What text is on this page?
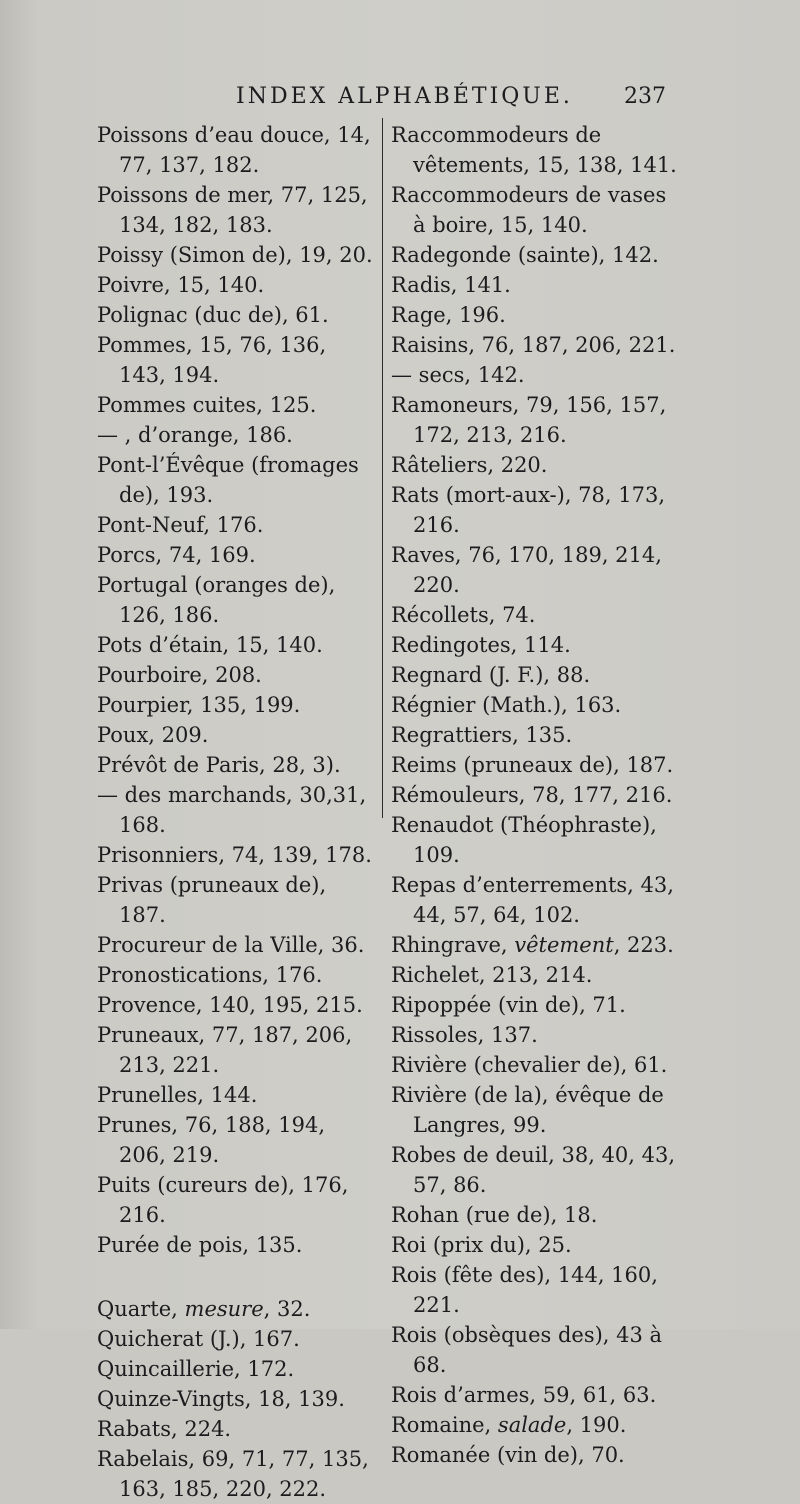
INDEX ALPHABÉTIQUE. 237
Poissons d’eau douce, 14, 77, 137, 182.
Poissons de mer, 77, 125, 134, 182, 183.
Poissy (Simon de), 19, 20.
Poivre, 15, 140.
Polignac (duc de), 61.
Pommes, 15, 76, 136, 143, 194.
Pommes cuites, 125.
— , d’orange, 186.
Pont-l’Évêque (fromages de), 193.
Pont-Neuf, 176.
Porcs, 74, 169.
Portugal (oranges de), 126, 186.
Pots d’étain, 15, 140.
Pourboire, 208.
Pourpier, 135, 199.
Poux, 209.
Prévôt de Paris, 28, 3).
— des marchands, 30,31, 168.
Prisonniers, 74, 139, 178.
Privas (pruneaux de), 187.
Procureur de la Ville, 36.
Pronostications, 176.
Provence, 140, 195, 215.
Pruneaux, 77, 187, 206, 213, 221.
Prunelles, 144.
Prunes, 76, 188, 194, 206, 219.
Puits (cureurs de), 176, 216.
Purée de pois, 135.
Quarte, mesure, 32.
Quicherat (J.), 167.
Quincaillerie, 172.
Quinze-Vingts, 18, 139.
Rabats, 224.
Rabelais, 69, 71, 77, 135, 163, 185, 220, 222.
Raccommodeurs de vêtements, 15, 138, 141.
Raccommodeurs de vases à boire, 15, 140.
Radegonde (sainte), 142.
Radis, 141.
Rage, 196.
Raisins, 76, 187, 206, 221.
— secs, 142.
Ramoneurs, 79, 156, 157, 172, 213, 216.
Râteliers, 220.
Rats (mort-aux-), 78, 173, 216.
Raves, 76, 170, 189, 214, 220.
Récollets, 74.
Redingotes, 114.
Regnard (J. F.), 88.
Régnier (Math.), 163.
Regrattiers, 135.
Reims (pruneaux de), 187.
Rémouleurs, 78, 177, 216.
Renaudot (Théophraste), 109.
Repas d’enterrements, 43, 44, 57, 64, 102.
Rhingrave, vêtement, 223.
Richelet, 213, 214.
Ripoppée (vin de), 71.
Rissoles, 137.
Rivière (chevalier de), 61.
Rivière (de la), évêque de Langres, 99.
Robes de deuil, 38, 40, 43, 57, 86.
Rohan (rue de), 18.
Roi (prix du), 25.
Rois (fête des), 144, 160, 221.
Rois (obsèques des), 43 à 68.
Rois d’armes, 59, 61, 63.
Romaine, salade, 190.
Romanée (vin de), 70.
